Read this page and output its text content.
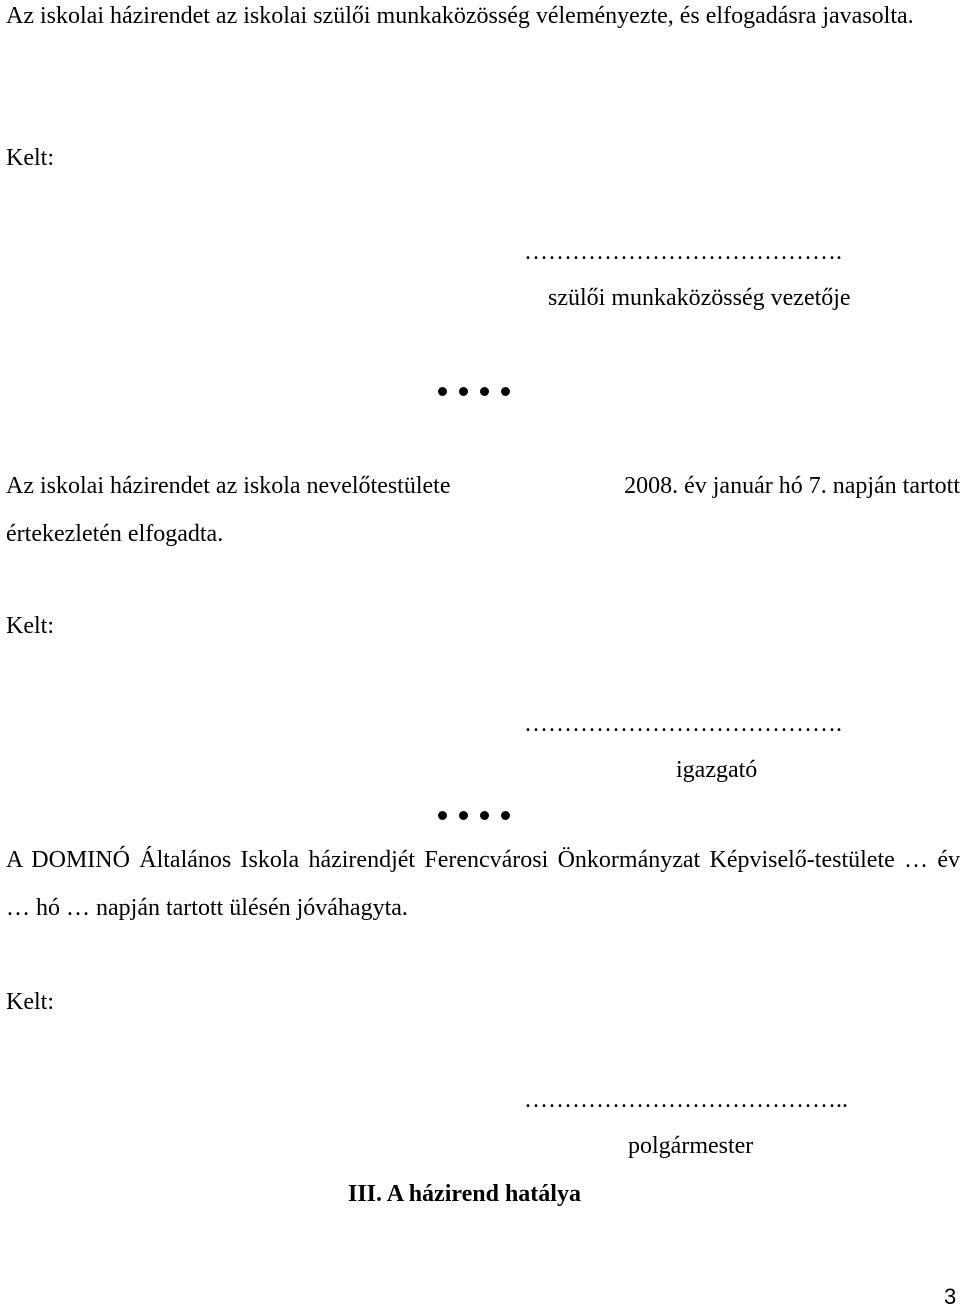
Az iskolai házirendet az iskolai szülői munkaközösség véleményezte, és elfogadásra javasolta.
Kelt:
………………………………….
szülői munkaközösség vezetője
Az iskolai házirendet az iskola nevelőtestülete	2008. év január hó 7. napján tartott
értekezletén elfogadta.
Kelt:
………………………………….
igazgató
A DOMINÓ Általános Iskola házirendjét Ferencvárosi Önkormányzat Képviselő-testülete … év … hó … napján tartott ülésén jóváhagyta.
Kelt:
…………………………………..
polgármester
III. A házirend hatálya
3
